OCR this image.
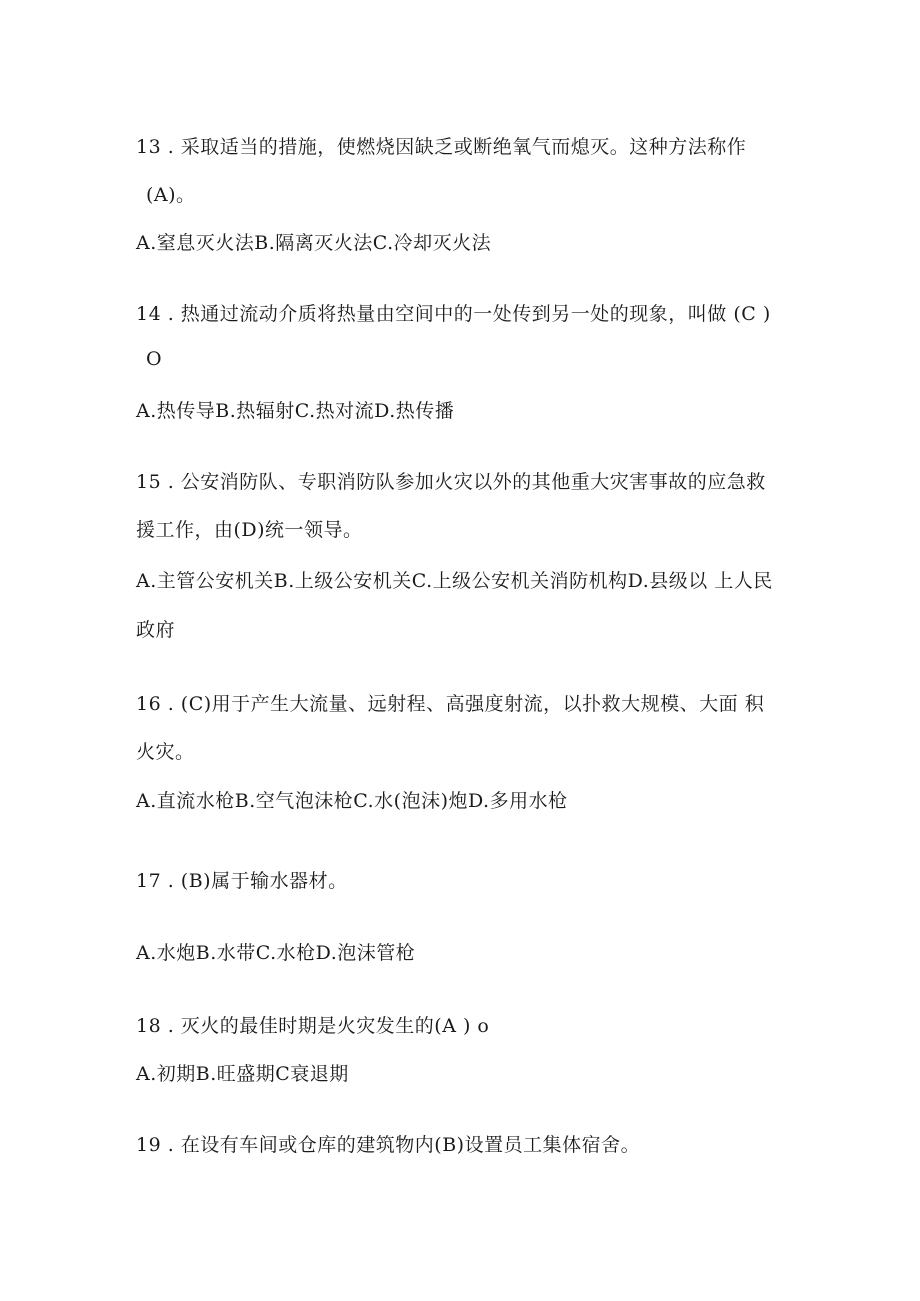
13 . 采取适当的措施，使燃烧因缺乏或断绝氧气而熄灭。这种方法称作
(A)。
A.窒息灭火法B.隔离灭火法C.冷却灭火法
14 . 热通过流动介质将热量由空间中的一处传到另一处的现象，叫做 (C )
O
A.热传导B.热辐射C.热对流D.热传播
15 . 公安消防队、专职消防队参加火灾以外的其他重大灾害事故的应急救
援工作，由(D)统一领导。
A.主管公安机关B.上级公安机关C.上级公安机关消防机构D.县级以 上人民
政府
16 . (C)用于产生大流量、远射程、高强度射流，以扑救大规模、大面 积
火灾。
A.直流水枪B.空气泡沫枪C.水(泡沫)炮D.多用水枪
17 . (B)属于输水器材。
A.水炮B.水带C.水枪D.泡沫管枪
18 . 灭火的最佳时期是火灾发生的(A ) o
A.初期B.旺盛期C衰退期
19 . 在设有车间或仓库的建筑物内(B)设置员工集体宿舍。
